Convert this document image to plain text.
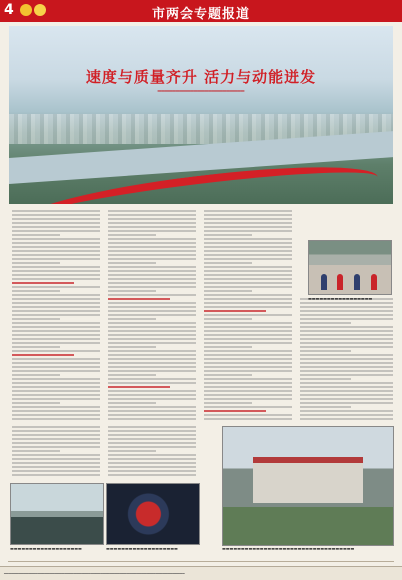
4	市两会专题报道
速度与质量齐升 活力与动能迸发
━━━━━━━━━━━━━━━━━━━━━━━━
▬▬▬▬▬▬▬▬▬▬▬▬▬▬▬▬▬
▬▬▬▬▬▬▬▬▬▬▬▬▬▬▬▬▬▬▬	▬▬▬▬▬▬▬▬▬▬▬▬▬▬▬▬▬▬▬	▬▬▬▬▬▬▬▬▬▬▬▬▬▬▬▬▬▬▬▬▬▬▬▬▬▬▬▬▬▬▬▬▬▬▬
━━━━━━━━━━━━━━━━━━━━━━━━━━━━━━━━━━━━━━━━━━━━━━━━━━━━━━━━━━━━━━━━━━━━━━━━━━━
